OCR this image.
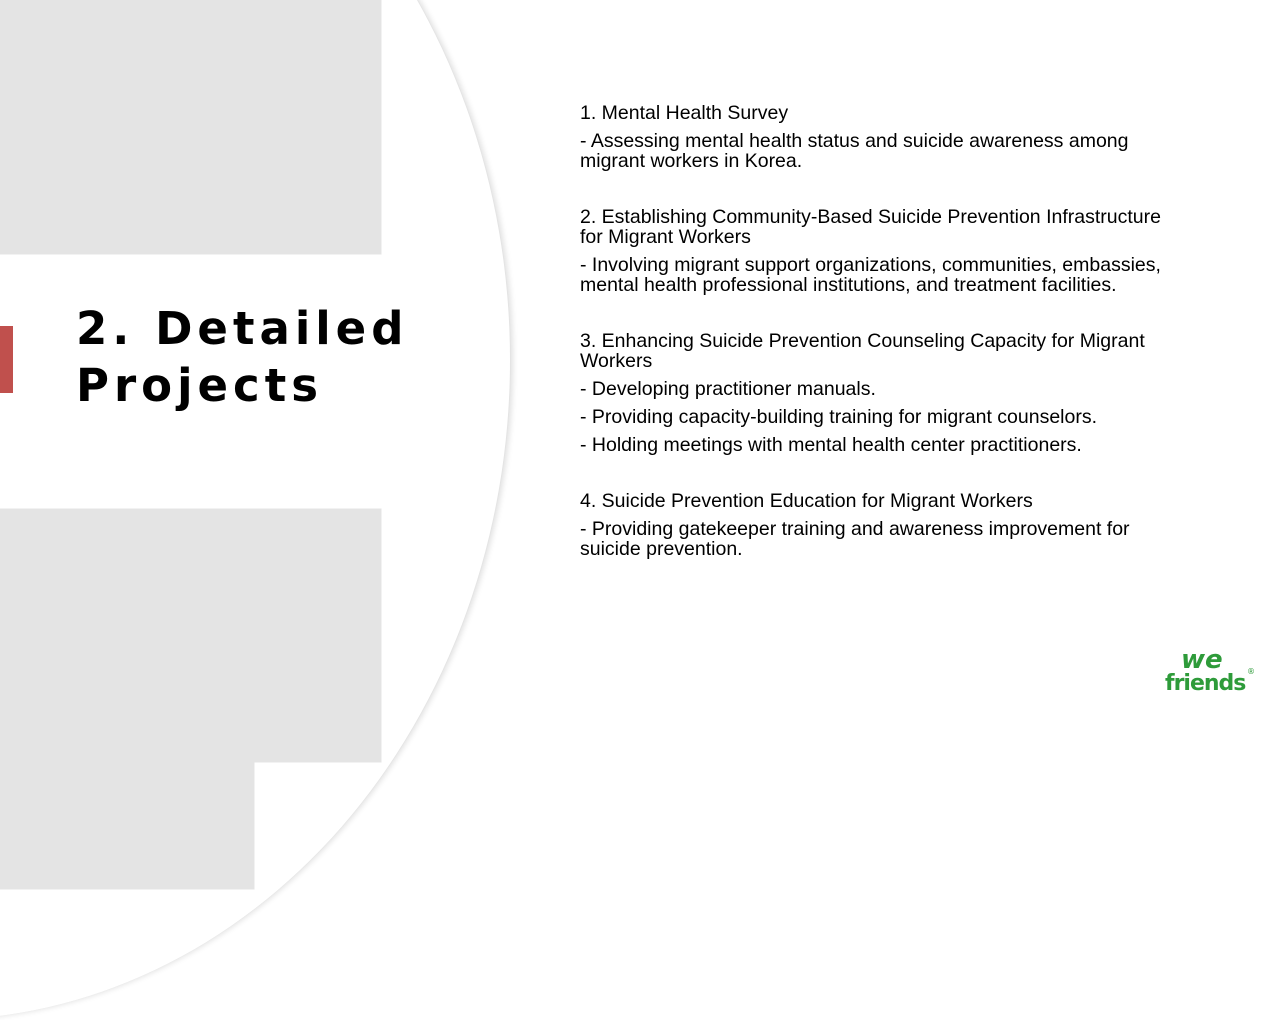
2. Detailed
Projects

1. Mental Health Survey

- Assessing mental health status and suicide awareness among migrant workers in Korea.

2. Establishing Community-Based Suicide Prevention Infrastructure for Migrant Workers

- Involving migrant support organizations, communities, embassies, mental health professional institutions, and treatment facilities.

3. Enhancing Suicide Prevention Counseling Capacity for Migrant Workers

- Developing practitioner manuals.

- Providing capacity-building training for migrant counselors.

- Holding meetings with mental health center practitioners.

4. Suicide Prevention Education for Migrant Workers

- Providing gatekeeper training and awareness improvement for suicide prevention.

we
friends ®
